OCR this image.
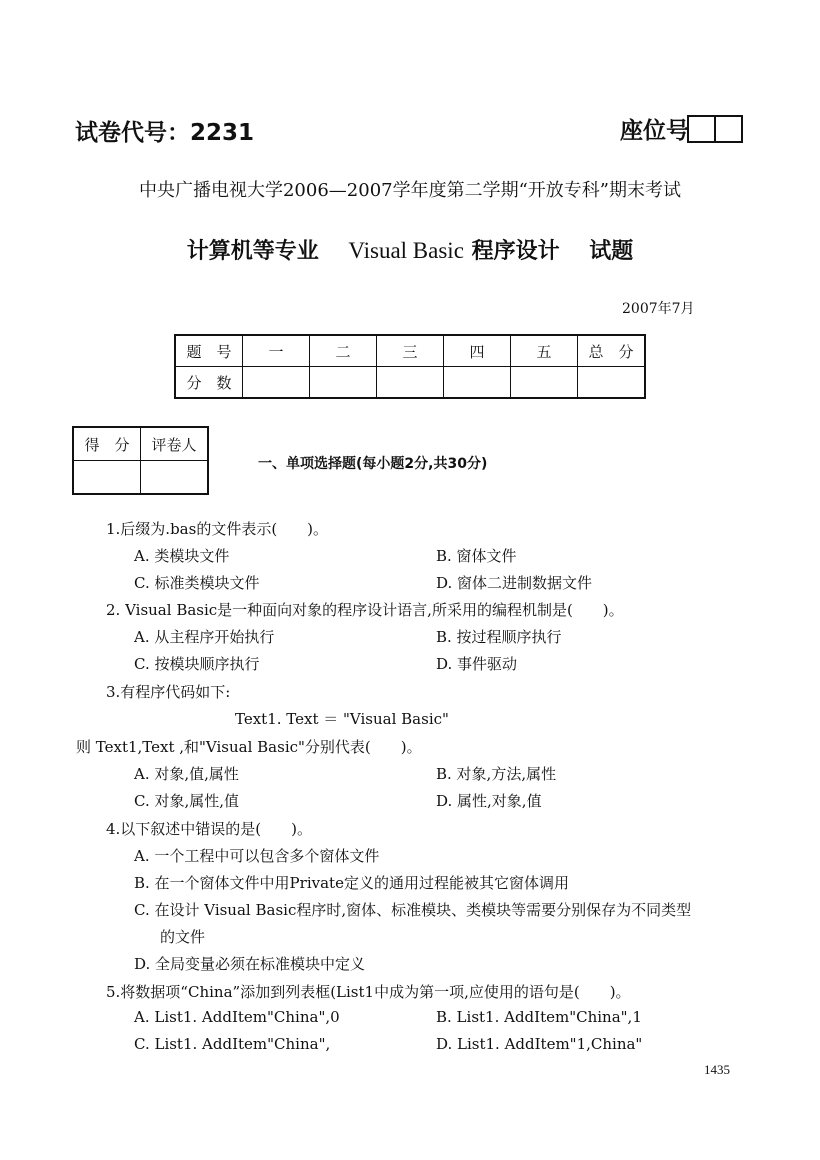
试卷代号：2231	座位号
中央广播电视大学2006—2007学年度第二学期“开放专科”期末考试
计算机等专业 Visual Basic 程序设计 试题
2007年7月
题　号	一	二	三	四	五	总　分
分　数						
得　分	评卷人

一、单项选择题(每小题2分,共30分)
1.后缀为.bas的文件表示(　　)。
A. 类模块文件	B. 窗体文件
C. 标准类模块文件	D. 窗体二进制数据文件
2. Visual Basic是一种面向对象的程序设计语言,所采用的编程机制是(　　)。
A. 从主程序开始执行	B. 按过程顺序执行
C. 按模块顺序执行	D. 事件驱动
3.有程序代码如下:
Text1. Text ＝ "Visual Basic"
则 Text1,Text ,和"Visual Basic"分别代表(　　)。
A. 对象,值,属性	B. 对象,方法,属性
C. 对象,属性,值	D. 属性,对象,值
4.以下叙述中错误的是(　　)。
A. 一个工程中可以包含多个窗体文件
B. 在一个窗体文件中用Private定义的通用过程能被其它窗体调用
C. 在设计 Visual Basic程序时,窗体、标准模块、类模块等需要分别保存为不同类型
的文件
D. 全局变量必须在标准模块中定义
5.将数据项“China”添加到列表框(List1中成为第一项,应使用的语句是(　　)。
A. List1. AddItem"China",0	B. List1. AddItem"China",1
C. List1. AddItem"China",	D. List1. AddItem"1,China"
1435
